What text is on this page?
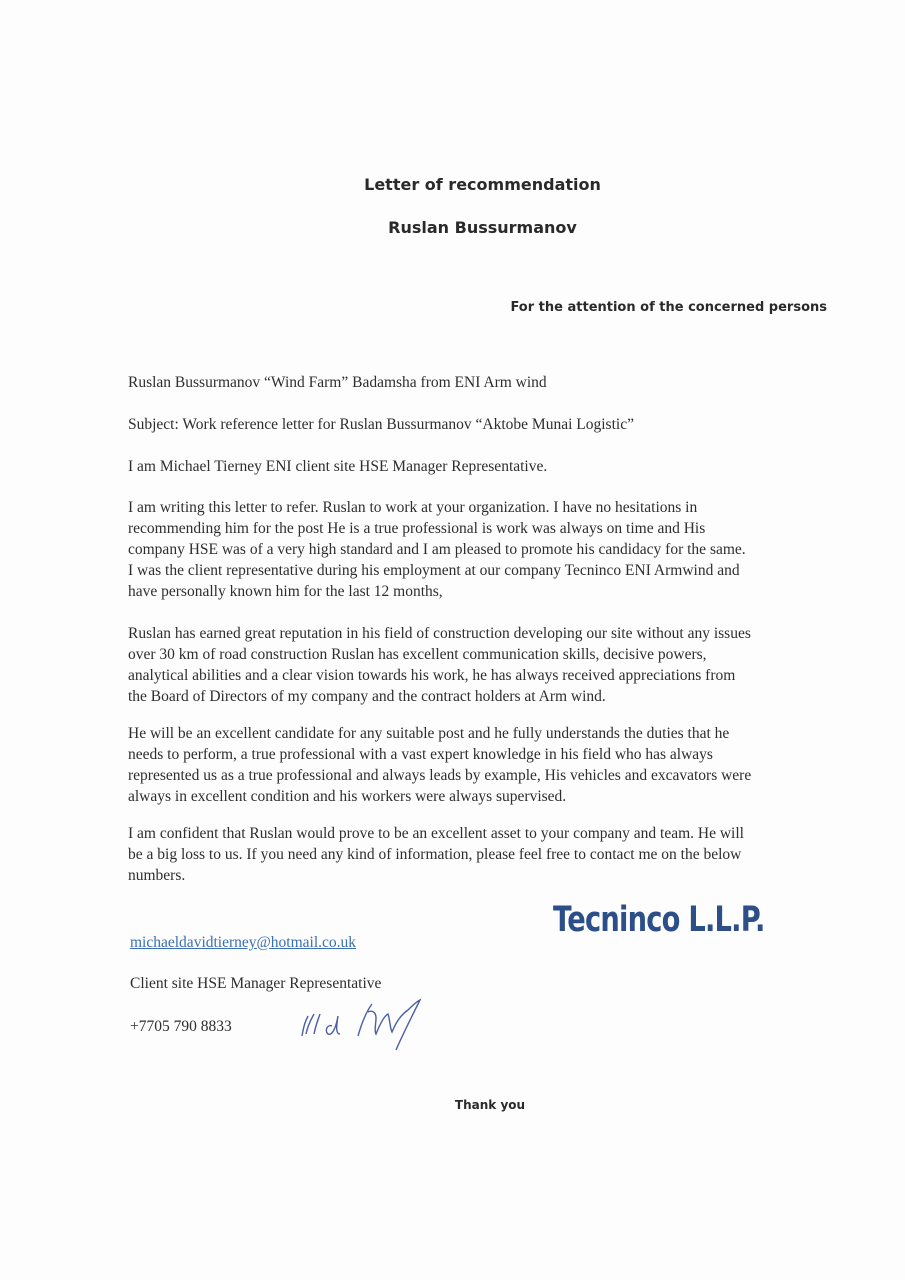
Letter of recommendation
Ruslan Bussurmanov
For the attention of the concerned persons
Ruslan Bussurmanov “Wind Farm” Badamsha from ENI Arm wind
Subject: Work reference letter for Ruslan Bussurmanov “Aktobe Munai Logistic”
I am Michael Tierney ENI client site HSE Manager Representative.
I am writing this letter to refer. Ruslan to work at your organization. I have no hesitations in
recommending him for the post He is a true professional is work was always on time and His
company HSE was of a very high standard and I am pleased to promote his candidacy for the same.
I was the client representative during his employment at our company Tecninco ENI Armwind and
have personally known him for the last 12 months,
Ruslan has earned great reputation in his field of construction developing our site without any issues
over 30 km of road construction Ruslan has excellent communication skills, decisive powers,
analytical abilities and a clear vision towards his work, he has always received appreciations from
the Board of Directors of my company and the contract holders at Arm wind.
He will be an excellent candidate for any suitable post and he fully understands the duties that he
needs to perform, a true professional with a vast expert knowledge in his field who has always
represented us as a true professional and always leads by example, His vehicles and excavators were
always in excellent condition and his workers were always supervised.
I am confident that Ruslan would prove to be an excellent asset to your company and team. He will
be a big loss to us. If you need any kind of information, please feel free to contact me on the below
numbers.
Tecninco L.L.P.
michaeldavidtierney@hotmail.co.uk
Client site HSE Manager Representative
+7705 790 8833
Thank you
